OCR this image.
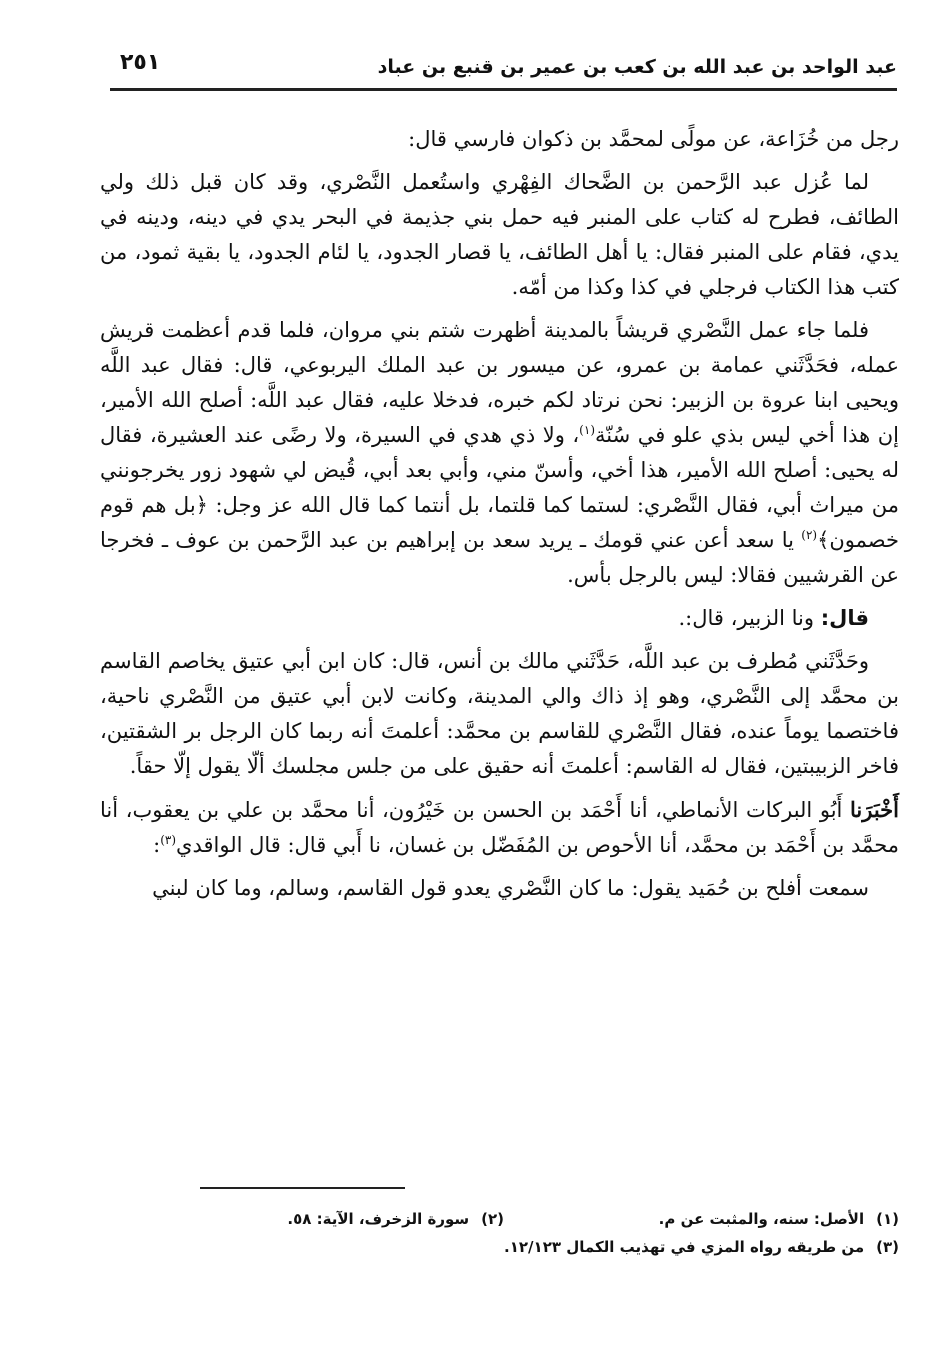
عبد الواحد بن عبد الله بن كعب بن عمير بن قنبع بن عباد
٢٥١

رجل من خُزَاعة، عن مولًى لمحمَّد بن ذكوان فارسي قال:

لما عُزل عبد الرَّحمن بن الضَّحاك الفِهْري واستُعمل النَّصْري، وقد كان قبل ذلك ولي الطائف، فطرح له كتاب على المنبر فيه حمل بني جذيمة في البحر يدي في دينه، ودينه في يدي، فقام على المنبر فقال: يا أهل الطائف، يا قصار الجدود، يا لئام الجدود، يا بقية ثمود، من كتب هذا الكتاب فرجلي في كذا وكذا من أمّه.

فلما جاء عمل النَّصْري قريشاً بالمدينة أظهرت شتم بني مروان، فلما قدم أعظمت قريش عمله، فحَدَّثَني عمامة بن عمرو، عن ميسور بن عبد الملك اليربوعي، قال: فقال عبد اللَّه ويحيى ابنا عروة بن الزبير: نحن نرتاد لكم خبره، فدخلا عليه، فقال عبد اللَّه: أصلح الله الأمير، إن هذا أخي ليس بذي علو في سُنّة$^{(١)}$، ولا ذي هدي في السيرة، ولا رضًى عند العشيرة، فقال له يحيى: أصلح الله الأمير، هذا أخي، وأسنّ مني، وأبي بعد أبي، قُيض لي شهود زور يخرجونني من ميراث أبي، فقال النَّصْري: لستما كما قلتما، بل أنتما كما قال الله عز وجل: ﴿بل هم قوم خصمون﴾$^{(٢)}$ يا سعد أعن عني قومك ـ يريد سعد بن إبراهيم بن عبد الرَّحمن بن عوف ـ فخرجا عن القرشيين فقالا: ليس بالرجل بأس.

قال: ونا الزبير، قال:.

وحَدَّثَني مُطرف بن عبد اللَّه، حَدَّثَني مالك بن أنس، قال: كان ابن أبي عتيق يخاصم القاسم بن محمَّد إلى النَّصْري، وهو إذ ذاك والي المدينة، وكانت لابن أبي عتيق من النَّصْري ناحية، فاختصما يوماً عنده، فقال النَّصْري للقاسم بن محمَّد: أعلمتَ أنه ربما كان الرجل بر الشقتين، فاخر الزبيبتين، فقال له القاسم: أعلمتَ أنه حقيق على من جلس مجلسك ألّا يقول إلّا حقاً.

أَخْبَرَنا أَبُو البركات الأنماطي، أنا أَحْمَد بن الحسن بن خَيْرُون، أنا محمَّد بن علي بن يعقوب، أنا محمَّد بن أَحْمَد بن محمَّد، أنا الأحوص بن المُفَضّل بن غسان، نا أَبي قال: قال الواقدي$^{(٣)}$:

سمعت أفلح بن حُمَيد يقول: ما كان النَّصْري يعدو قول القاسم، وسالم، وما كان لبني

(١)الأصل: سنه، والمثبت عن م.
(٢)سورة الزخرف، الآية: ٥٨.
(٣)من طريقه رواه المزي في تهذيب الكمال ١٢/١٢٣.
